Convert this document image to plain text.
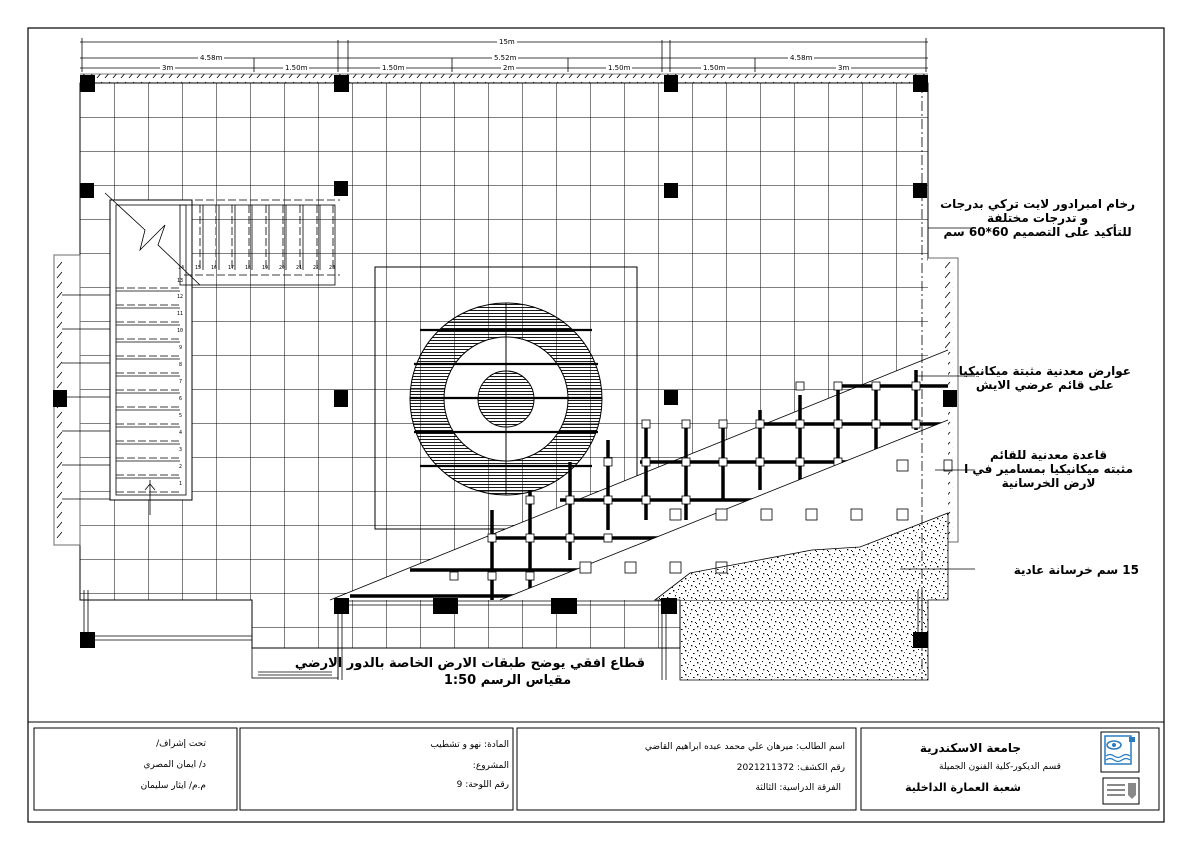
15m
4.58m	5.52m	4.58m
3m	1.50m	1.50m	2m	1.50m	1.50m	3m
1
2
3
4
5
6
7
8
9
10
11
12
13
14 15 16 17 18 19 20 21 22 23
رخام امبرادور لايت تركي بدرجات
و تدرجات مختلفة
للتأكيد على التصميم 60*60 سم
عوارض معدنية مثبتة ميكانيكيا
على قائم عرضي الايش
قاعدة معدنية للقائم
مثبته ميكانيكيا بمسامير في ا
لارض الخرسانية
15 سم خرسانة عادية
قطاع افقي يوضح طبقات الارض الخاصة بالدور الارضي
مقياس الرسم 1:50
جامعة الاسكندرية
قسم الديكور-كلية الفنون الجميلة
شعبة العمارة الداخلية
اسم الطالب: ميرهان علي محمد عبده ابراهيم القاضي
رقم الكشف: 2021211372
الفرقة الدراسية: الثالثة
المادة: نهو و تشطيب
المشروع:
رقم اللوحة: 9
تحت إشراف/
د/ ايمان المصري
م.م/ ايثار سليمان
